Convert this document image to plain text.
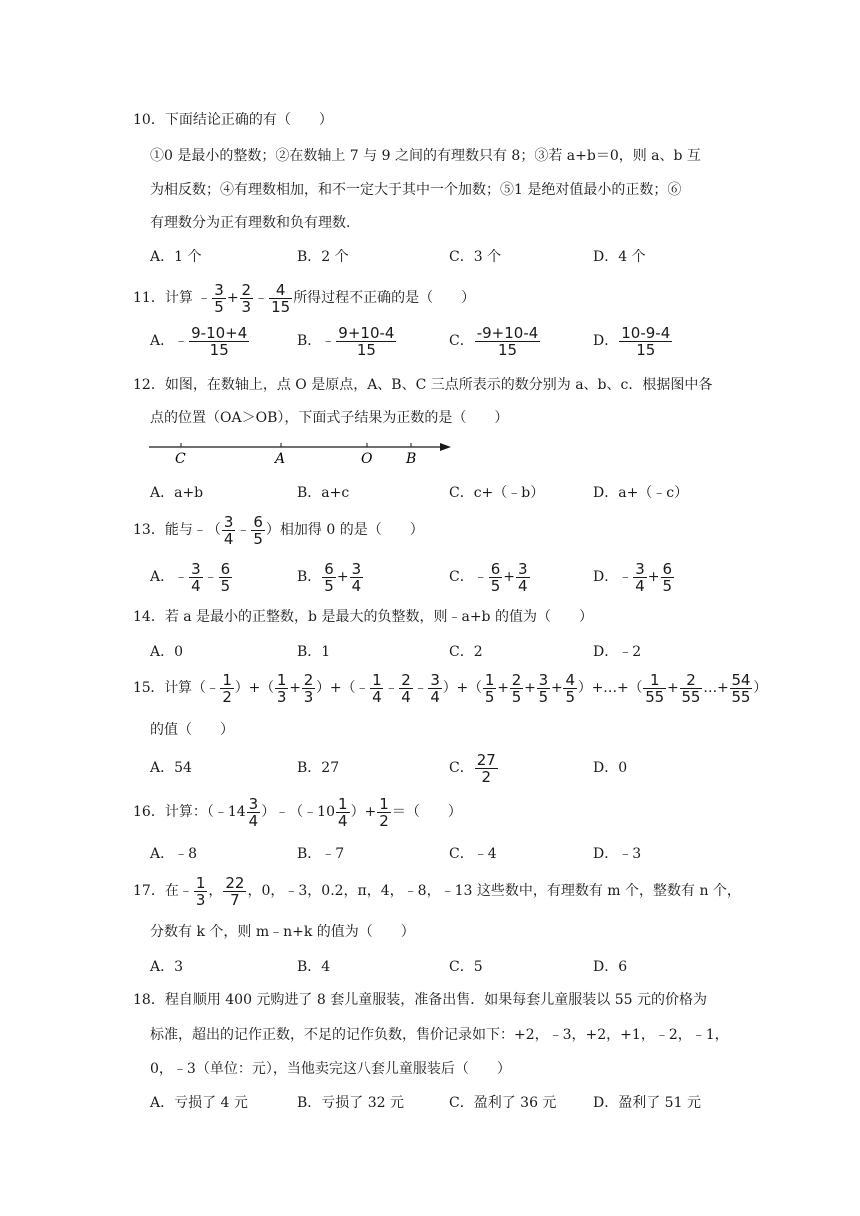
10．下面结论正确的有（　　）
①0 是最小的整数；②在数轴上 7 与 9 之间的有理数只有 8；③若 a+b＝0，则 a、b 互
为相反数；④有理数相加，和不一定大于其中一个加数；⑤1 是绝对值最小的正数；⑥
有理数分为正有理数和负有理数．
A．1 个	B．2 个	C．3 个	D．4 个
11．计算 ﹣ $\frac{3}{5} + \frac{2}{3}$ ﹣ $\frac{4}{15}$ 所得过程不正确的是（　　）
A．﹣ $\frac{9-10+4}{15}$	B．﹣ $\frac{9+10-4}{15}$	C． $\frac{-9+10-4}{15}$	D． $\frac{10-9-4}{15}$
12．如图，在数轴上，点 O 是原点，A、B、C 三点所表示的数分别为 a、b、c．根据图中各
点的位置（OA＞OB），下面式子结果为正数的是（　　）
C	A	O B
A．a+b	B．a+c	C．c+（﹣b）	D．a+（﹣c）
13．能与﹣（ $\frac{3}{4}$ ﹣ $\frac{6}{5}$ ）相加得 0 的是（　　）
A．﹣ $\frac{3}{4}$ ﹣ $\frac{6}{5}$	B． $\frac{6}{5} + \frac{3}{4}$	C．﹣ $\frac{6}{5} + \frac{3}{4}$	D．﹣ $\frac{3}{4} + \frac{6}{5}$
14．若 a 是最小的正整数，b 是最大的负整数，则﹣a+b 的值为（　　）
A．0	B．1	C．2	D．﹣2
15．计算（﹣ $\frac{1}{2}$ ）+（ $\frac{1}{3} + \frac{2}{3}$ ）+（﹣ $\frac{1}{4}$ ﹣ $\frac{2}{4}$ ﹣ $\frac{3}{4}$ ）+（ $\frac{1}{5} + \frac{2}{5} + \frac{3}{5} + \frac{4}{5}$ ）+…+（ $\frac{1}{55} + \frac{2}{55}$ …+ $\frac{54}{55}$ ）
的值（　　）
A．54	B．27	C． $\frac{27}{2}$	D．0
16．计算：（﹣14 $\frac{3}{4}$ ）﹣（﹣10 $\frac{1}{4}$ ）+ $\frac{1}{2}$ ＝（　　）
A．﹣8	B．﹣7	C．﹣4	D．﹣3
17．在﹣ $\frac{1}{3}$ ， $\frac{22}{7}$ ，0，﹣3，0.2，π，4，﹣8，﹣13 这些数中，有理数有 m 个，整数有 n 个，
分数有 k 个，则 m﹣n+k 的值为（　　）
A．3	B．4	C．5	D．6
18．程自顺用 400 元购进了 8 套儿童服装，准备出售．如果每套儿童服装以 55 元的价格为
标准，超出的记作正数，不足的记作负数，售价记录如下：+2，﹣3，+2，+1，﹣2，﹣1，
0，﹣3（单位：元），当他卖完这八套儿童服装后（　　）
A．亏损了 4 元	B．亏损了 32 元	C．盈利了 36 元	D．盈利了 51 元
